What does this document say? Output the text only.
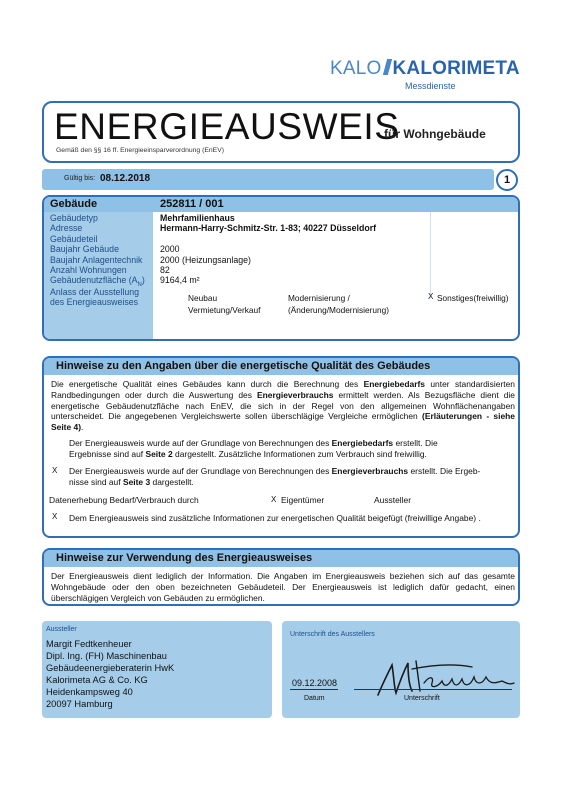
KALO KALORIMETA
Messdienste
ENERGIEAUSWEIS
für Wohngebäude
Gemäß den §§ 16 ff. Energieeinsparverordnung (EnEV)
Gültig bis: 08.12.2018	1
Gebäude	252811 / 001
Gebäudetyp	Mehrfamilienhaus
Adresse	Hermann-Harry-Schmitz-Str. 1-83; 40227 Düsseldorf
Gebäudeteil
Baujahr Gebäude	2000
Baujahr Anlagentechnik 2000 (Heizungsanlage)
Anzahl Wohnungen	82
Gebäudenutzfläche $(A_N)$ 9164,4 m²
Anlass der Ausstellung
des Energieausweises	Neubau
Vermietung/Verkauf
Modernisierung /
(Änderung/Modernisierung)
X Sonstiges(freiwillig)
Hinweise zu den Angaben über die energetische Qualität des Gebäudes
Die energetische Qualität eines Gebäudes kann durch die Berechnung des Energiebedarfs unter standardisierten Randbedingungen oder durch die Auswertung des Energieverbrauchs ermittelt werden. Als Bezugsfläche dient die energetische Gebäudenutzfläche nach EnEV, die sich in der Regel von den allgemeinen Wohnflächenangaben unterscheidet. Die angegebenen Vergleichswerte sollen überschlägige Vergleiche ermöglichen (Erläuterungen - siehe Seite 4).
Der Energieausweis wurde auf der Grundlage von Berechnungen des Energiebedarfs erstellt. Die
Ergebnisse sind auf Seite 2 dargestellt. Zusätzliche Informationen zum Verbrauch sind freiwillig.
X Der Energieausweis wurde auf der Grundlage von Berechnungen des Energieverbrauchs erstellt. Die Ergeb-
nisse sind auf Seite 3 dargestellt.
Datenerhebung Bedarf/Verbrauch durch	X Eigentümer	Aussteller
X Dem Energieausweis sind zusätzliche Informationen zur energetischen Qualität beigefügt (freiwillige Angabe) .
Hinweise zur Verwendung des Energieausweises
Der Energieausweis dient lediglich der Information. Die Angaben im Energieausweis beziehen sich auf das gesamte Wohngebäude oder den oben bezeichneten Gebäudeteil. Der Energieausweis ist lediglich dafür gedacht, einen überschlägigen Vergleich von Gebäuden zu ermöglichen.
Aussteller
Margit Fedtkenheuer
Dipl. Ing. (FH) Maschinenbau
Gebäudeenergieberaterin HwK
Kalorimeta AG & Co. KG
Heidenkampsweg 40
20097 Hamburg
Unterschrift des Ausstellers
09.12.2008
Datum	Unterschrift
